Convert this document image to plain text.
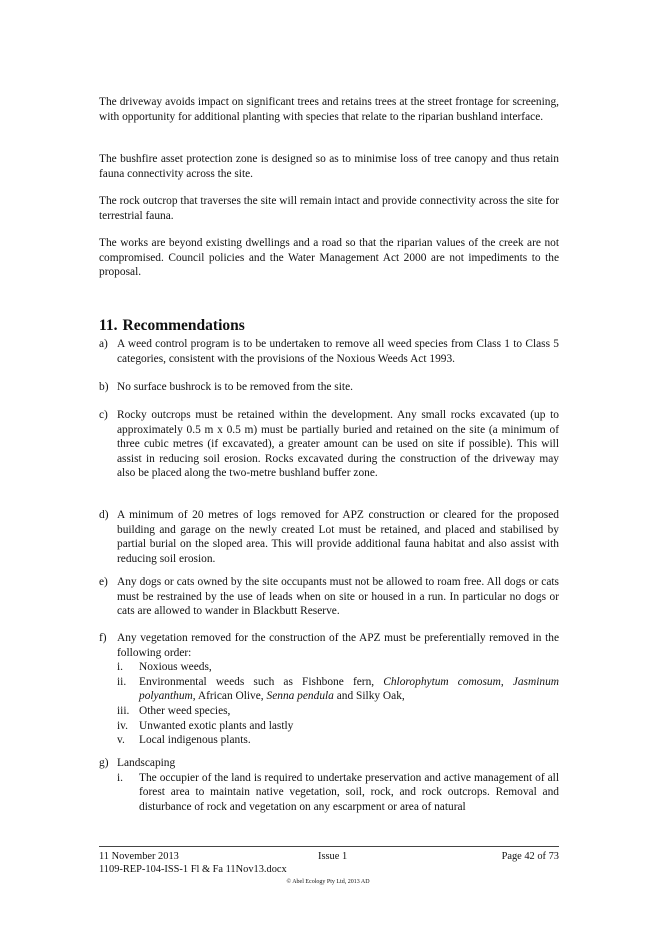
The driveway avoids impact on significant trees and retains trees at the street frontage for screening, with opportunity for additional planting with species that relate to the riparian bushland interface.

The bushfire asset protection zone is designed so as to minimise loss of tree canopy and thus retain fauna connectivity across the site.

The rock outcrop that traverses the site will remain intact and provide connectivity across the site for terrestrial fauna.

The works are beyond existing dwellings and a road so that the riparian values of the creek are not compromised. Council policies and the Water Management Act 2000 are not impediments to the proposal.

11. Recommendations
a) A weed control program is to be undertaken to remove all weed species from Class 1 to Class 5 categories, consistent with the provisions of the Noxious Weeds Act 1993.

b) No surface bushrock is to be removed from the site.

c) Rocky outcrops must be retained within the development. Any small rocks excavated (up to approximately 0.5 m x 0.5 m) must be partially buried and retained on the site (a minimum of three cubic metres (if excavated), a greater amount can be used on site if possible). This will assist in reducing soil erosion. Rocks excavated during the construction of the driveway may also be placed along the two-metre bushland buffer zone.

d) A minimum of 20 metres of logs removed for APZ construction or cleared for the proposed building and garage on the newly created Lot must be retained, and placed and stabilised by partial burial on the sloped area. This will provide additional fauna habitat and also assist with reducing soil erosion.

e) Any dogs or cats owned by the site occupants must not be allowed to roam free. All dogs or cats must be restrained by the use of leads when on site or housed in a run. In particular no dogs or cats are allowed to wander in Blackbutt Reserve.

f) Any vegetation removed for the construction of the APZ must be preferentially removed in the following order:

i.	Noxious weeds,

ii.	Environmental weeds such as Fishbone fern, Chlorophytum comosum, Jasminum polyanthum, African Olive, Senna pendula and Silky Oak,

iii. Other weed species,

iv. Unwanted exotic plants and lastly

v.	Local indigenous plants.

g) Landscaping

i.	The occupier of the land is required to undertake preservation and active management of all forest area to maintain native vegetation, soil, rock, and rock outcrops. Removal and disturbance of rock and vegetation on any escarpment or area of natural

11 November 2013	Issue 1	Page 42 of 73
1109-REP-104-ISS-1 Fl & Fa 11Nov13.docx
© Abel Ecology Pty Ltd, 2013 AD
